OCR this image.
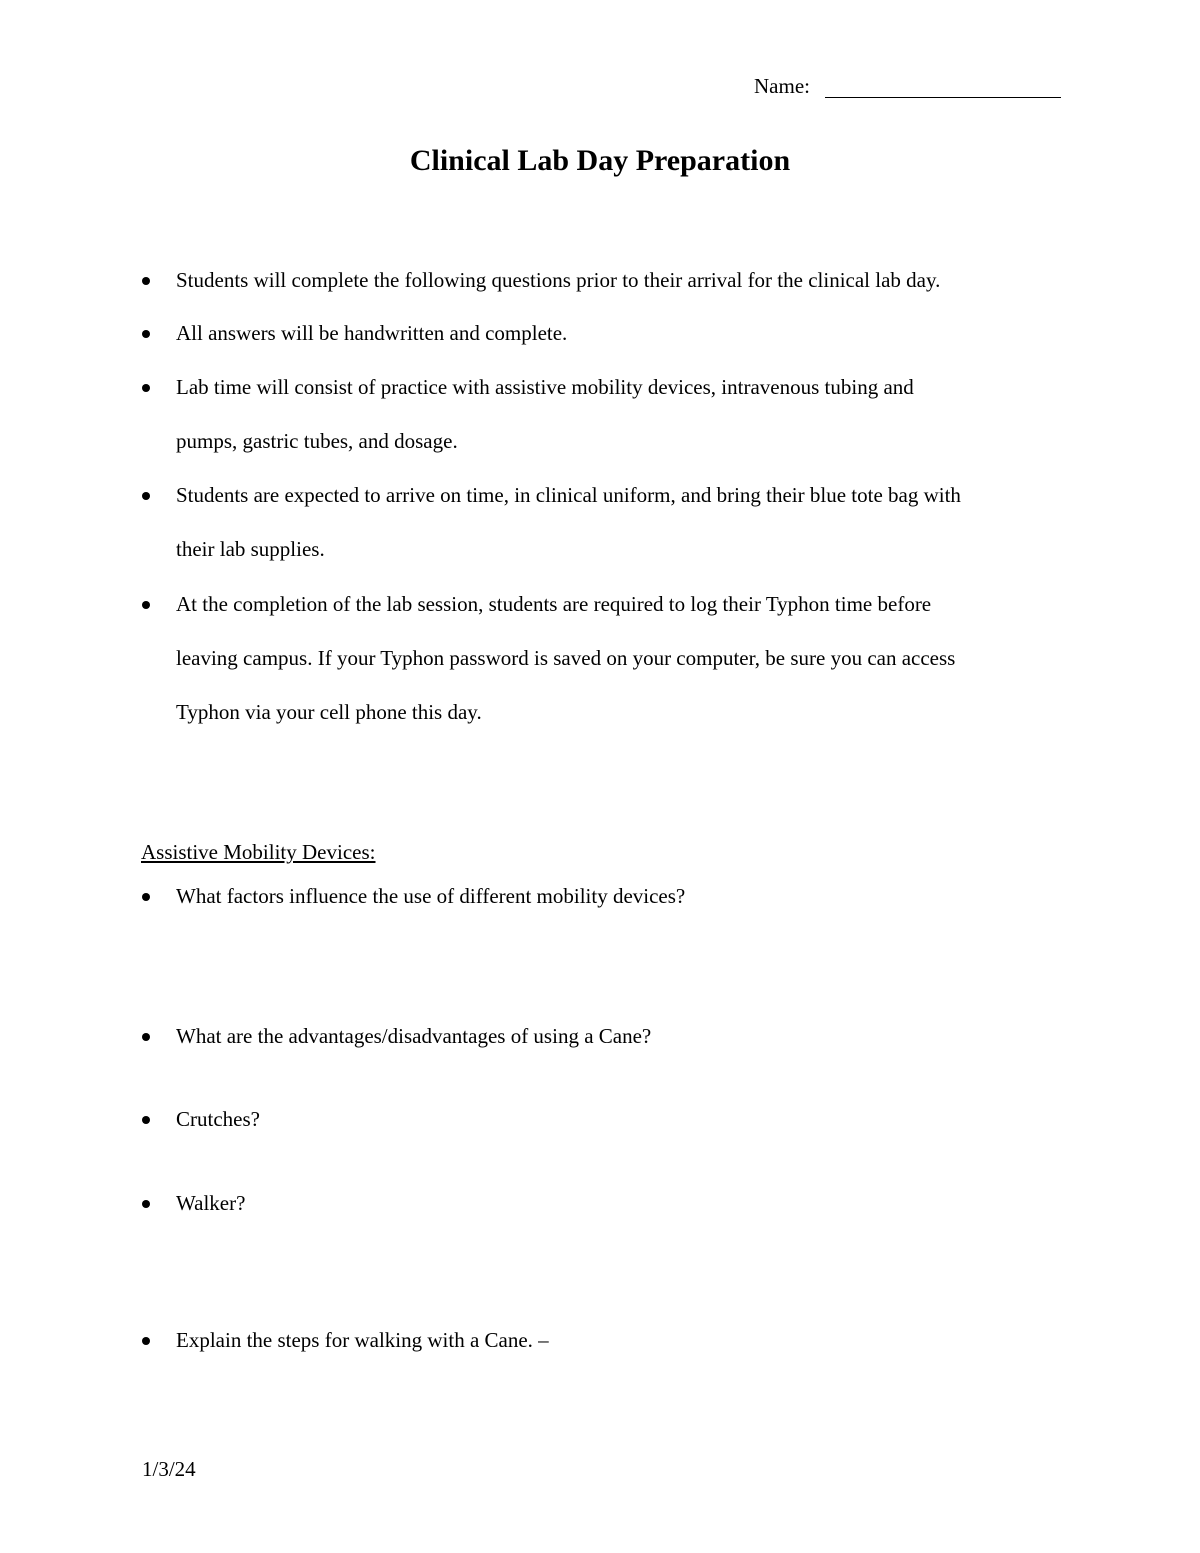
Name:
Clinical Lab Day Preparation
Students will complete the following questions prior to their arrival for the clinical lab day.
All answers will be handwritten and complete.
Lab time will consist of practice with assistive mobility devices, intravenous tubing and
pumps, gastric tubes, and dosage.
Students are expected to arrive on time, in clinical uniform, and bring their blue tote bag with
their lab supplies.
At the completion of the lab session, students are required to log their Typhon time before
leaving campus. If your Typhon password is saved on your computer, be sure you can access
Typhon via your cell phone this day.
Assistive Mobility Devices:
What factors influence the use of different mobility devices?
What are the advantages/disadvantages of using a Cane?
Crutches?
Walker?
Explain the steps for walking with a Cane. –
1/3/24
